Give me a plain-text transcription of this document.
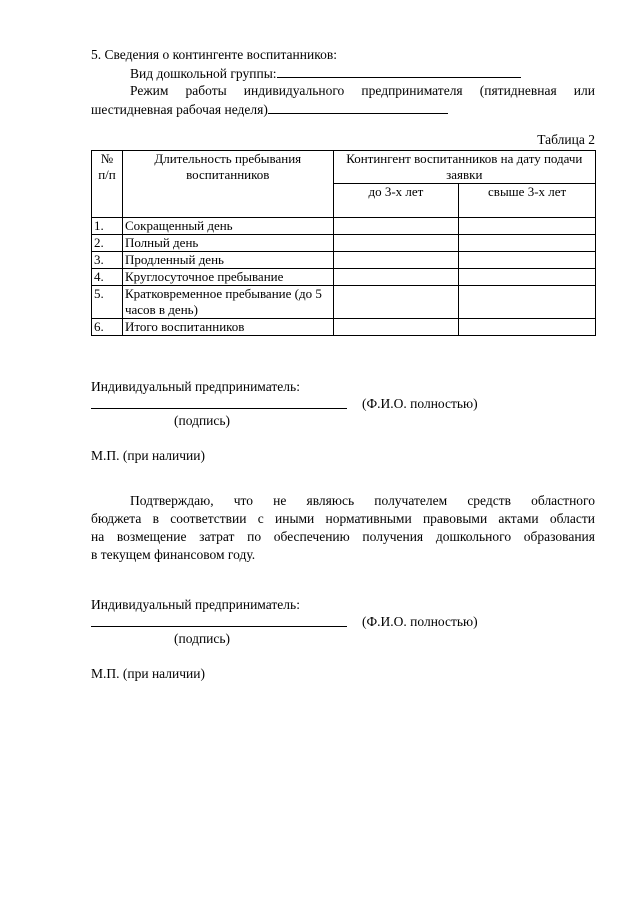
5. Сведения о контингенте воспитанников:
Вид дошкольной группы:
Режим работы индивидуального предпринимателя (пятидневная или
шестидневная рабочая неделя)
Таблица 2
№ п/п	Длительность пребывания воспитанников	Контингент воспитанников на дату подачи заявки	
		до 3-х лет	свыше 3-х лет
1.	Сокращенный день		
2.	Полный день		
3.	Продленный день		
4.	Круглосуточное пребывание		
5.	Кратковременное пребывание (до 5 часов в день)		
6.	Итого воспитанников		
Индивидуальный предприниматель:
(Ф.И.О. полностью)
(подпись)
М.П. (при наличии)
Подтверждаю, что не являюсь получателем средств областного
бюджета в соответствии с иными нормативными правовыми актами области
на возмещение затрат по обеспечению получения дошкольного образования
в текущем финансовом году.
Индивидуальный предприниматель:
(Ф.И.О. полностью)
(подпись)
М.П. (при наличии)
